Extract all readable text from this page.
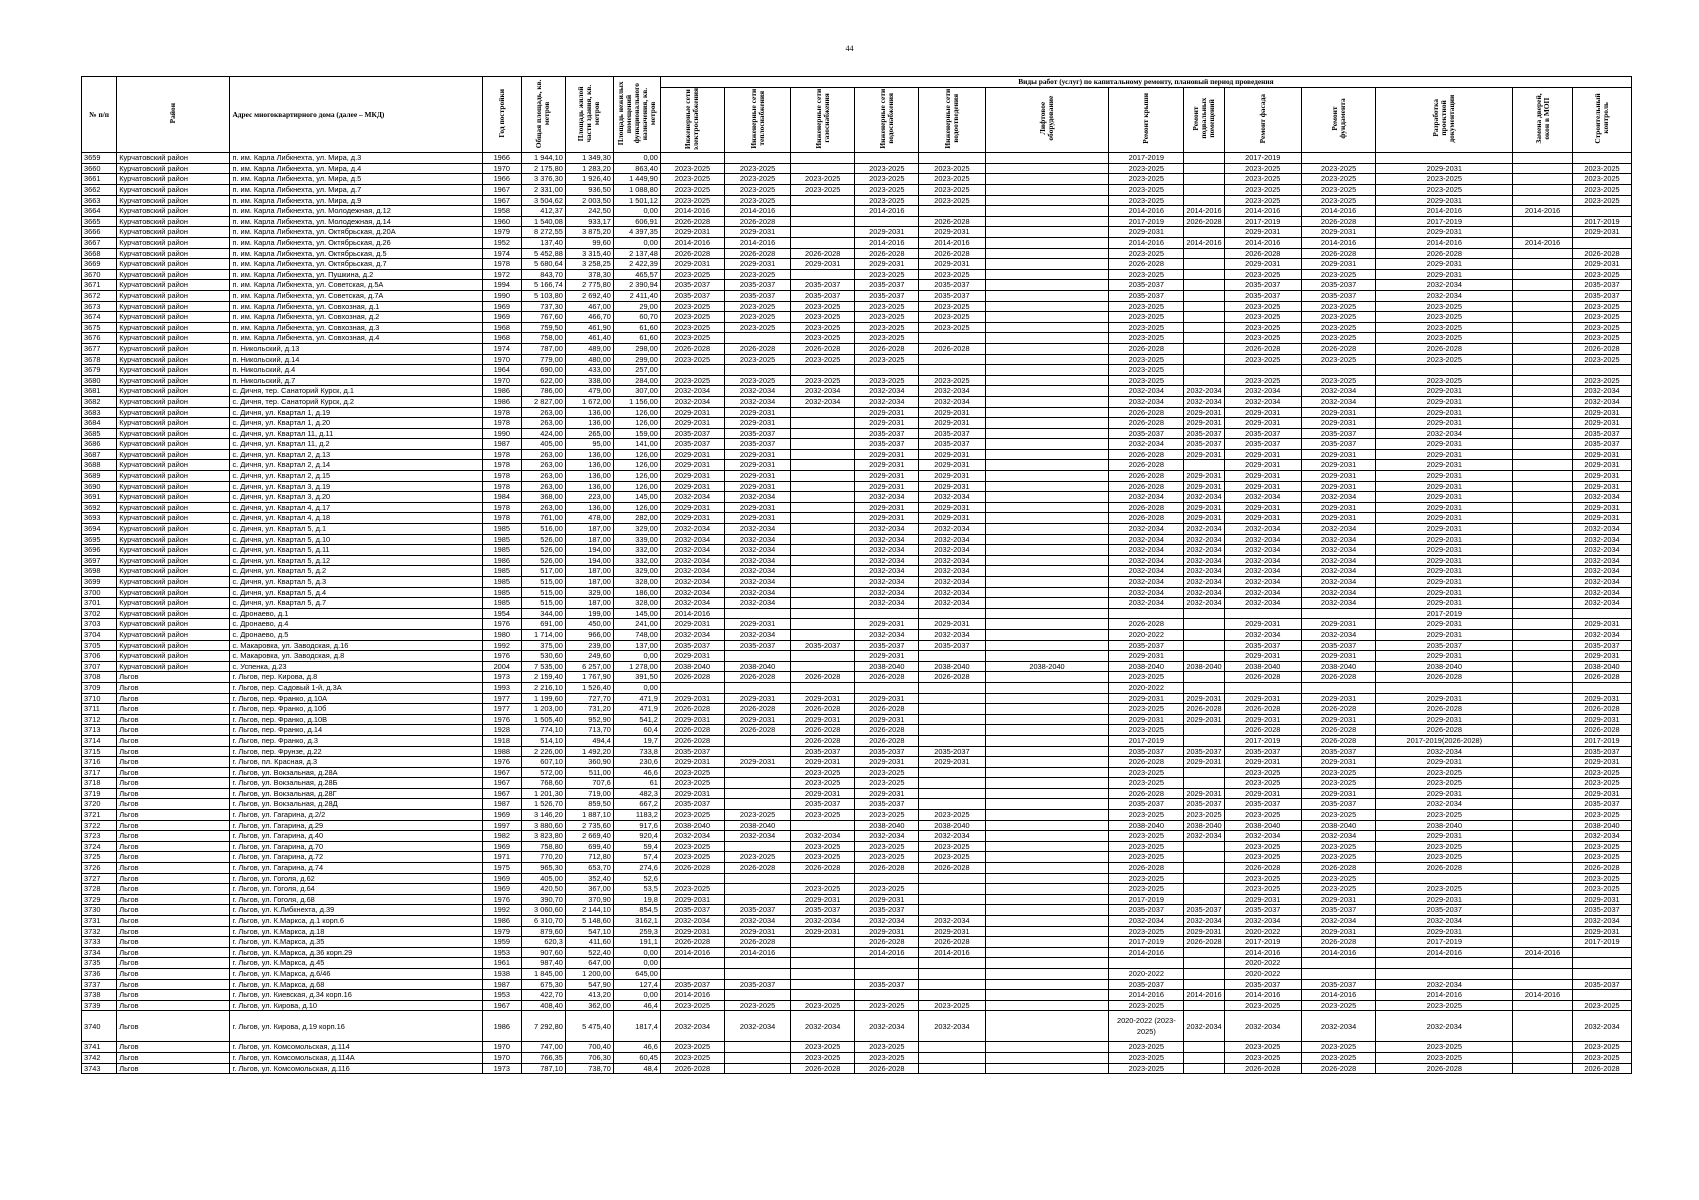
44
№ п/п	Район	Адрес многоквартирного дома (далее – МКД)	Год постройки	Общая площадь, кв. метров	Площадь жилой части здания, кв. метров	Площадь нежилых помещений функционального назначения, кв. метров	Виды работ (услуг) по капитальному ремонту, плановый период проведения												
							Инженерные сети электроснабжения	Инженерные сети теплоснабжения	Инженерные сети газоснабжения	Инженерные сети водоснабжения	Инженерные сети водоотведения	Лифтовое оборудование	Ремонт крыши	Ремонт подвальных помещений	Ремонт фасада	Ремонт фундамента	Разработка проектной документации	Замена дверей, окон в МОП	Строительный контроль
3659	Курчатовский район	п. им. Карла Либкнехта, ул. Мира, д.3	1966	1 944,10	1 349,30	0,00							2017-2019		2017-2019				
3660	Курчатовский район	п. им. Карла Либкнехта, ул. Мира, д.4	1970	2 175,80	1 283,20	863,40	2023-2025	2023-2025		2023-2025	2023-2025		2023-2025		2023-2025	2023-2025	2029-2031		2023-2025
3661	Курчатовский район	п. им. Карла Либкнехта, ул. Мира, д.5	1966	3 376,30	1 926,40	1 449,90	2023-2025	2023-2025	2023-2025	2023-2025	2023-2025		2023-2025		2023-2025	2023-2025	2023-2025		2023-2025
3662	Курчатовский район	п. им. Карла Либкнехта, ул. Мира, д.7	1967	2 331,00	936,50	1 088,80	2023-2025	2023-2025	2023-2025	2023-2025	2023-2025		2023-2025		2023-2025	2023-2025	2023-2025		2023-2025
3663	Курчатовский район	п. им. Карла Либкнехта, ул. Мира, д.9	1967	3 504,62	2 003,50	1 501,12	2023-2025	2023-2025		2023-2025	2023-2025		2023-2025		2023-2025	2023-2025	2029-2031		2023-2025
3664	Курчатовский район	п. им. Карла Либкнехта, ул. Молодежная, д.12	1958	412,37	242,50	0,00	2014-2016	2014-2016		2014-2016			2014-2016	2014-2016	2014-2016	2014-2016	2014-2016	2014-2016	
3665	Курчатовский район	п. им. Карла Либкнехта, ул. Молодежная, д.14	1960	1 540,08	933,17	606,91	2026-2028	2026-2028			2026-2028		2017-2019	2026-2028	2017-2019	2026-2028	2017-2019		2017-2019
3666	Курчатовский район	п. им. Карла Либкнехта, ул. Октябрьская, д.20А	1979	8 272,55	3 875,20	4 397,35	2029-2031	2029-2031		2029-2031	2029-2031		2029-2031		2029-2031	2029-2031	2029-2031		2029-2031
3667	Курчатовский район	п. им. Карла Либкнехта, ул. Октябрьская, д.26	1952	137,40	99,60	0,00	2014-2016	2014-2016		2014-2016	2014-2016		2014-2016	2014-2016	2014-2016	2014-2016	2014-2016	2014-2016	
3668	Курчатовский район	п. им. Карла Либкнехта, ул. Октябрьская, д.5	1974	5 452,88	3 315,40	2 137,48	2026-2028	2026-2028	2026-2028	2026-2028	2026-2028		2023-2025		2026-2028	2026-2028	2026-2028		2026-2028
3669	Курчатовский район	п. им. Карла Либкнехта, ул. Октябрьская, д.7	1978	5 680,64	3 258,25	2 422,39	2029-2031	2029-2031	2029-2031	2029-2031	2029-2031		2026-2028		2029-2031	2029-2031	2029-2031		2029-2031
3670	Курчатовский район	п. им. Карла Либкнехта, ул. Пушкина, д.2	1972	843,70	378,30	465,57	2023-2025	2023-2025		2023-2025	2023-2025		2023-2025		2023-2025	2023-2025	2029-2031		2023-2025
3671	Курчатовский район	п. им. Карла Либкнехта, ул. Советская, д.5А	1994	5 166,74	2 775,80	2 390,94	2035-2037	2035-2037	2035-2037	2035-2037	2035-2037		2035-2037		2035-2037	2035-2037	2032-2034		2035-2037
3672	Курчатовский район	п. им. Карла Либкнехта, ул. Советская, д.7А	1990	5 103,80	2 692,40	2 411,40	2035-2037	2035-2037	2035-2037	2035-2037	2035-2037		2035-2037		2035-2037	2035-2037	2032-2034		2035-2037
3673	Курчатовский район	п. им. Карла Либкнехта, ул. Совхозная, д.1	1969	737,30	467,00	29,00	2023-2025	2023-2025	2023-2025	2023-2025	2023-2025		2023-2025		2023-2025	2023-2025	2023-2025		2023-2025
3674	Курчатовский район	п. им. Карла Либкнехта, ул. Совхозная, д.2	1969	767,60	466,70	60,70	2023-2025	2023-2025	2023-2025	2023-2025	2023-2025		2023-2025		2023-2025	2023-2025	2023-2025		2023-2025
3675	Курчатовский район	п. им. Карла Либкнехта, ул. Совхозная, д.3	1968	759,50	461,90	61,60	2023-2025	2023-2025	2023-2025	2023-2025	2023-2025		2023-2025		2023-2025	2023-2025	2023-2025		2023-2025
3676	Курчатовский район	п. им. Карла Либкнехта, ул. Совхозная, д.4	1968	758,00	461,40	61,60	2023-2025		2023-2025	2023-2025			2023-2025		2023-2025	2023-2025	2023-2025		2023-2025
3677	Курчатовский район	п. Никольский, д.13	1974	787,00	489,00	298,00	2026-2028	2026-2028	2026-2028	2026-2028	2026-2028		2026-2028		2026-2028	2026-2028	2026-2028		2026-2028
3678	Курчатовский район	п. Никольский, д.14	1970	779,00	480,00	299,00	2023-2025	2023-2025	2023-2025	2023-2025			2023-2025		2023-2025	2023-2025	2023-2025		2023-2025
3679	Курчатовский район	п. Никольский, д.4	1964	690,00	433,00	257,00							2023-2025						
3680	Курчатовский район	п. Никольский, д.7	1970	622,00	338,00	284,00	2023-2025	2023-2025	2023-2025	2023-2025	2023-2025		2023-2025		2023-2025	2023-2025	2023-2025		2023-2025
3681	Курчатовский район	с. Дичня, тер. Санаторий Курск, д.1	1986	786,00	479,00	307,00	2032-2034	2032-2034	2032-2034	2032-2034	2032-2034		2032-2034	2032-2034	2032-2034	2032-2034	2029-2031		2032-2034
3682	Курчатовский район	с. Дичня, тер. Санаторий Курск, д.2	1986	2 827,00	1 672,00	1 156,00	2032-2034	2032-2034	2032-2034	2032-2034	2032-2034		2032-2034	2032-2034	2032-2034	2032-2034	2029-2031		2032-2034
3683	Курчатовский район	с. Дичня, ул. Квартал 1, д.19	1978	263,00	136,00	126,00	2029-2031	2029-2031		2029-2031	2029-2031		2026-2028	2029-2031	2029-2031	2029-2031	2029-2031		2029-2031
3684	Курчатовский район	с. Дичня, ул. Квартал 1, д.20	1978	263,00	136,00	126,00	2029-2031	2029-2031		2029-2031	2029-2031		2026-2028	2029-2031	2029-2031	2029-2031	2029-2031		2029-2031
3685	Курчатовский район	с. Дичня, ул. Квартал 11, д.11	1990	424,00	265,00	159,00	2035-2037	2035-2037		2035-2037	2035-2037		2035-2037	2035-2037	2035-2037	2035-2037	2032-2034		2035-2037
3686	Курчатовский район	с. Дичня, ул. Квартал 11, д.2	1987	405,00	95,00	141,00	2035-2037	2035-2037		2035-2037	2035-2037		2032-2034	2035-2037	2035-2037	2035-2037	2029-2031		2035-2037
3687	Курчатовский район	с. Дичня, ул. Квартал 2, д.13	1978	263,00	136,00	126,00	2029-2031	2029-2031		2029-2031	2029-2031		2026-2028	2029-2031	2029-2031	2029-2031	2029-2031		2029-2031
3688	Курчатовский район	с. Дичня, ул. Квартал 2, д.14	1978	263,00	136,00	126,00	2029-2031	2029-2031		2029-2031	2029-2031		2026-2028		2029-2031	2029-2031	2029-2031		2029-2031
3689	Курчатовский район	с. Дичня, ул. Квартал 2, д.15	1978	263,00	136,00	126,00	2029-2031	2029-2031		2029-2031	2029-2031		2026-2028	2029-2031	2029-2031	2029-2031	2029-2031		2029-2031
3690	Курчатовский район	с. Дичня, ул. Квартал 3, д.19	1978	263,00	136,00	126,00	2029-2031	2029-2031		2029-2031	2029-2031		2026-2028	2029-2031	2029-2031	2029-2031	2029-2031		2029-2031
3691	Курчатовский район	с. Дичня, ул. Квартал 3, д.20	1984	368,00	223,00	145,00	2032-2034	2032-2034		2032-2034	2032-2034		2032-2034	2032-2034	2032-2034	2032-2034	2029-2031		2032-2034
3692	Курчатовский район	с. Дичня, ул. Квартал 4, д.17	1978	263,00	136,00	126,00	2029-2031	2029-2031		2029-2031	2029-2031		2026-2028	2029-2031	2029-2031	2029-2031	2029-2031		2029-2031
3693	Курчатовский район	с. Дичня, ул. Квартал 4, д.18	1978	761,00	478,00	282,00	2029-2031	2029-2031		2029-2031	2029-2031		2026-2028	2029-2031	2029-2031	2029-2031	2029-2031		2029-2031
3694	Курчатовский район	с. Дичня, ул. Квартал 5, д.1	1985	516,00	187,00	329,00	2032-2034	2032-2034		2032-2034	2032-2034		2032-2034	2032-2034	2032-2034	2032-2034	2029-2031		2032-2034
3695	Курчатовский район	с. Дичня, ул. Квартал 5, д.10	1985	526,00	187,00	339,00	2032-2034	2032-2034		2032-2034	2032-2034		2032-2034	2032-2034	2032-2034	2032-2034	2029-2031		2032-2034
3696	Курчатовский район	с. Дичня, ул. Квартал 5, д.11	1985	526,00	194,00	332,00	2032-2034	2032-2034		2032-2034	2032-2034		2032-2034	2032-2034	2032-2034	2032-2034	2029-2031		2032-2034
3697	Курчатовский район	с. Дичня, ул. Квартал 5, д.12	1986	526,00	194,00	332,00	2032-2034	2032-2034		2032-2034	2032-2034		2032-2034	2032-2034	2032-2034	2032-2034	2029-2031		2032-2034
3698	Курчатовский район	с. Дичня, ул. Квартал 5, д.2	1985	517,00	187,00	329,00	2032-2034	2032-2034		2032-2034	2032-2034		2032-2034	2032-2034	2032-2034	2032-2034	2029-2031		2032-2034
3699	Курчатовский район	с. Дичня, ул. Квартал 5, д.3	1985	515,00	187,00	328,00	2032-2034	2032-2034		2032-2034	2032-2034		2032-2034	2032-2034	2032-2034	2032-2034	2029-2031		2032-2034
3700	Курчатовский район	с. Дичня, ул. Квартал 5, д.4	1985	515,00	329,00	186,00	2032-2034	2032-2034		2032-2034	2032-2034		2032-2034	2032-2034	2032-2034	2032-2034	2029-2031		2032-2034
3701	Курчатовский район	с. Дичня, ул. Квартал 5, д.7	1985	515,00	187,00	328,00	2032-2034	2032-2034		2032-2034	2032-2034		2032-2034	2032-2034	2032-2034	2032-2034	2029-2031		2032-2034
3702	Курчатовский район	с. Дронаево, д.1	1954	344,00	199,00	145,00	2014-2016										2017-2019		
3703	Курчатовский район	с. Дронаево, д.4	1976	691,00	450,00	241,00	2029-2031	2029-2031		2029-2031	2029-2031		2026-2028		2029-2031	2029-2031	2029-2031		2029-2031
3704	Курчатовский район	с. Дронаево, д.5	1980	1 714,00	966,00	748,00	2032-2034	2032-2034		2032-2034	2032-2034		2020-2022		2032-2034	2032-2034	2029-2031		2032-2034
3705	Курчатовский район	с. Макаровка, ул. Заводская, д.16	1992	375,00	239,00	137,00	2035-2037	2035-2037	2035-2037	2035-2037	2035-2037		2035-2037		2035-2037	2035-2037	2035-2037		2035-2037
3706	Курчатовский район	с. Макаровка, ул. Заводская, д.8	1976	530,60	249,60	0,00	2029-2031			2029-2031			2029-2031		2029-2031	2029-2031	2029-2031		2029-2031
3707	Курчатовский район	с. Успенка, д.23	2004	7 535,00	6 257,00	1 278,00	2038-2040	2038-2040		2038-2040	2038-2040	2038-2040	2038-2040	2038-2040	2038-2040	2038-2040	2038-2040		2038-2040
3708	Льгов	г. Льгов, пер. Кирова, д.8	1973	2 159,40	1 767,90	391,50	2026-2028	2026-2028	2026-2028	2026-2028	2026-2028		2023-2025		2026-2028	2026-2028	2026-2028		2026-2028
3709	Льгов	г. Льгов, пер. Садовый 1-й, д.3А	1993	2 216,10	1 526,40	0,00							2020-2022						
3710	Льгов	г. Льгов, пер. Франко, д.10А	1977	1 199,60	727,70	471,9	2029-2031	2029-2031	2029-2031	2029-2031			2029-2031	2029-2031	2029-2031	2029-2031	2029-2031		2029-2031
3711	Льгов	г. Льгов, пер. Франко, д.10б	1977	1 203,00	731,20	471,9	2026-2028	2026-2028	2026-2028	2026-2028			2023-2025	2026-2028	2026-2028	2026-2028	2026-2028		2026-2028
3712	Льгов	г. Льгов, пер. Франко, д.10В	1976	1 505,40	952,90	541,2	2029-2031	2029-2031	2029-2031	2029-2031			2029-2031	2029-2031	2029-2031	2029-2031	2029-2031		2029-2031
3713	Льгов	г. Льгов, пер. Франко, д.14	1928	774,10	713,70	60,4	2026-2028	2026-2028	2026-2028	2026-2028			2023-2025		2026-2028	2026-2028	2026-2028		2026-2028
3714	Льгов	г. Льгов, пер. Франко, д.3	1918	514,10	494,4	19,7	2026-2028		2026-2028	2026-2028			2017-2019		2017-2019	2026-2028	2017-2019(2026-2028)		2017-2019
3715	Льгов	г. Льгов, пер. Фрунзе, д.22	1988	2 226,00	1 492,20	733,8	2035-2037		2035-2037	2035-2037	2035-2037		2035-2037	2035-2037	2035-2037	2035-2037	2032-2034		2035-2037
3716	Льгов	г. Льгов, пл. Красная, д.3	1976	607,10	360,90	230,6	2029-2031	2029-2031	2029-2031	2029-2031	2029-2031		2026-2028	2029-2031	2029-2031	2029-2031	2029-2031		2029-2031
3717	Льгов	г. Льгов, ул. Вокзальная, д.28А	1967	572,00	511,00	46,6	2023-2025		2023-2025	2023-2025			2023-2025		2023-2025	2023-2025	2023-2025		2023-2025
3718	Льгов	г. Льгов, ул. Вокзальная, д.28Б	1967	768,60	707,6	61	2023-2025		2023-2025	2023-2025			2023-2025		2023-2025	2023-2025	2023-2025		2023-2025
3719	Льгов	г. Льгов, ул. Вокзальная, д.28Г	1967	1 201,30	719,00	482,3	2029-2031		2029-2031	2029-2031			2026-2028	2029-2031	2029-2031	2029-2031	2029-2031		2029-2031
3720	Льгов	г. Льгов, ул. Вокзальная, д.28Д	1987	1 526,70	859,50	667,2	2035-2037		2035-2037	2035-2037			2035-2037	2035-2037	2035-2037	2035-2037	2032-2034		2035-2037
3721	Льгов	г. Льгов, ул. Гагарина, д.2/2	1969	3 146,20	1 887,10	1183,2	2023-2025	2023-2025	2023-2025	2023-2025	2023-2025		2023-2025	2023-2025	2023-2025	2023-2025	2023-2025		2023-2025
3722	Льгов	г. Льгов, ул. Гагарина, д.29	1997	3 880,60	2 735,60	917,6	2038-2040	2038-2040		2038-2040	2038-2040		2038-2040	2038-2040	2038-2040	2038-2040	2038-2040		2038-2040
3723	Льгов	г. Льгов, ул. Гагарина, д.40	1982	3 823,80	2 669,40	920,4	2032-2034	2032-2034	2032-2034	2032-2034	2032-2034		2023-2025	2032-2034	2032-2034	2032-2034	2029-2031		2032-2034
3724	Льгов	г. Льгов, ул. Гагарина, д.70	1969	758,80	699,40	59,4	2023-2025		2023-2025	2023-2025	2023-2025		2023-2025		2023-2025	2023-2025	2023-2025		2023-2025
3725	Льгов	г. Льгов, ул. Гагарина, д.72	1971	770,20	712,80	57,4	2023-2025	2023-2025	2023-2025	2023-2025	2023-2025		2023-2025		2023-2025	2023-2025	2023-2025		2023-2025
3726	Льгов	г. Льгов, ул. Гагарина, д.74	1975	965,30	653,70	274,6	2026-2028	2026-2028	2026-2028	2026-2028	2026-2028		2026-2028		2026-2028	2026-2028	2026-2028		2026-2028
3727	Льгов	г. Льгов, ул. Гоголя, д.62	1969	405,00	352,40	52,6							2023-2025		2023-2025	2023-2025			2023-2025
3728	Льгов	г. Льгов, ул. Гоголя, д.64	1969	420,50	367,00	53,5	2023-2025		2023-2025	2023-2025			2023-2025		2023-2025	2023-2025	2023-2025		2023-2025
3729	Льгов	г. Льгов, ул. Гоголя, д.68	1976	390,70	370,90	19,8	2029-2031		2029-2031	2029-2031			2017-2019		2029-2031	2029-2031	2029-2031		2029-2031
3730	Льгов	г. Льгов, ул. К.Либкнехта, д.39	1992	3 060,60	2 144,10	854,5	2035-2037	2035-2037	2035-2037	2035-2037			2035-2037	2035-2037	2035-2037	2035-2037	2035-2037		2035-2037
3731	Льгов	г. Льгов, ул. К.Маркса, д.1 корп.6	1986	6 310,70	5 148,60	3162,1	2032-2034	2032-2034	2032-2034	2032-2034	2032-2034		2032-2034	2032-2034	2032-2034	2032-2034	2032-2034		2032-2034
3732	Льгов	г. Льгов, ул. К.Маркса, д.18	1979	879,60	547,10	259,3	2029-2031	2029-2031	2029-2031	2029-2031	2029-2031		2023-2025	2029-2031	2020-2022	2029-2031	2029-2031		2029-2031
3733	Льгов	г. Льгов, ул. К.Маркса, д.35	1959	620,3	411,60	191,1	2026-2028	2026-2028		2026-2028	2026-2028		2017-2019	2026-2028	2017-2019	2026-2028	2017-2019		2017-2019
3734	Льгов	г. Льгов, ул. К.Маркса, д.36 корп.29	1953	907,60	522,40	0,00	2014-2016	2014-2016		2014-2016	2014-2016		2014-2016		2014-2016	2014-2016	2014-2016	2014-2016	
3735	Льгов	г. Льгов, ул. К.Маркса, д.45	1961	987,40	647,00	0,00									2020-2022				
3736	Льгов	г. Льгов, ул. К.Маркса, д.6/46	1938	1 845,00	1 200,00	645,00							2020-2022		2020-2022				
3737	Льгов	г. Льгов, ул. К.Маркса, д.68	1987	675,30	547,90	127,4	2035-2037	2035-2037		2035-2037			2035-2037		2035-2037	2035-2037	2032-2034		2035-2037
3738	Льгов	г. Льгов, ул. Киевская, д.34 корп.16	1953	422,70	413,20	0,00	2014-2016						2014-2016	2014-2016	2014-2016	2014-2016	2014-2016	2014-2016	
3739	Льгов	г. Льгов, ул. Кирова, д.10	1967	408,40	362,00	46,4	2023-2025	2023-2025	2023-2025	2023-2025	2023-2025		2023-2025		2023-2025	2023-2025	2023-2025		2023-2025
3740	Льгов	г. Льгов, ул. Кирова, д.19 корп.16	1986	7 292,80	5 475,40	1817,4	2032-2034	2032-2034	2032-2034	2032-2034	2032-2034		2020-2022 (2023-2025)	2032-2034	2032-2034	2032-2034	2032-2034		2032-2034
3741	Льгов	г. Льгов, ул. Комсомольская, д.114	1970	747,00	700,40	46,6	2023-2025		2023-2025	2023-2025			2023-2025		2023-2025	2023-2025	2023-2025		2023-2025
3742	Льгов	г. Льгов, ул. Комсомольская, д.114А	1970	766,35	706,30	60,45	2023-2025		2023-2025	2023-2025			2023-2025		2023-2025	2023-2025	2023-2025		2023-2025
3743	Льгов	г. Льгов, ул. Комсомольская, д.116	1973	787,10	738,70	48,4	2026-2028		2026-2028	2026-2028			2023-2025		2026-2028	2026-2028	2026-2028		2026-2028
